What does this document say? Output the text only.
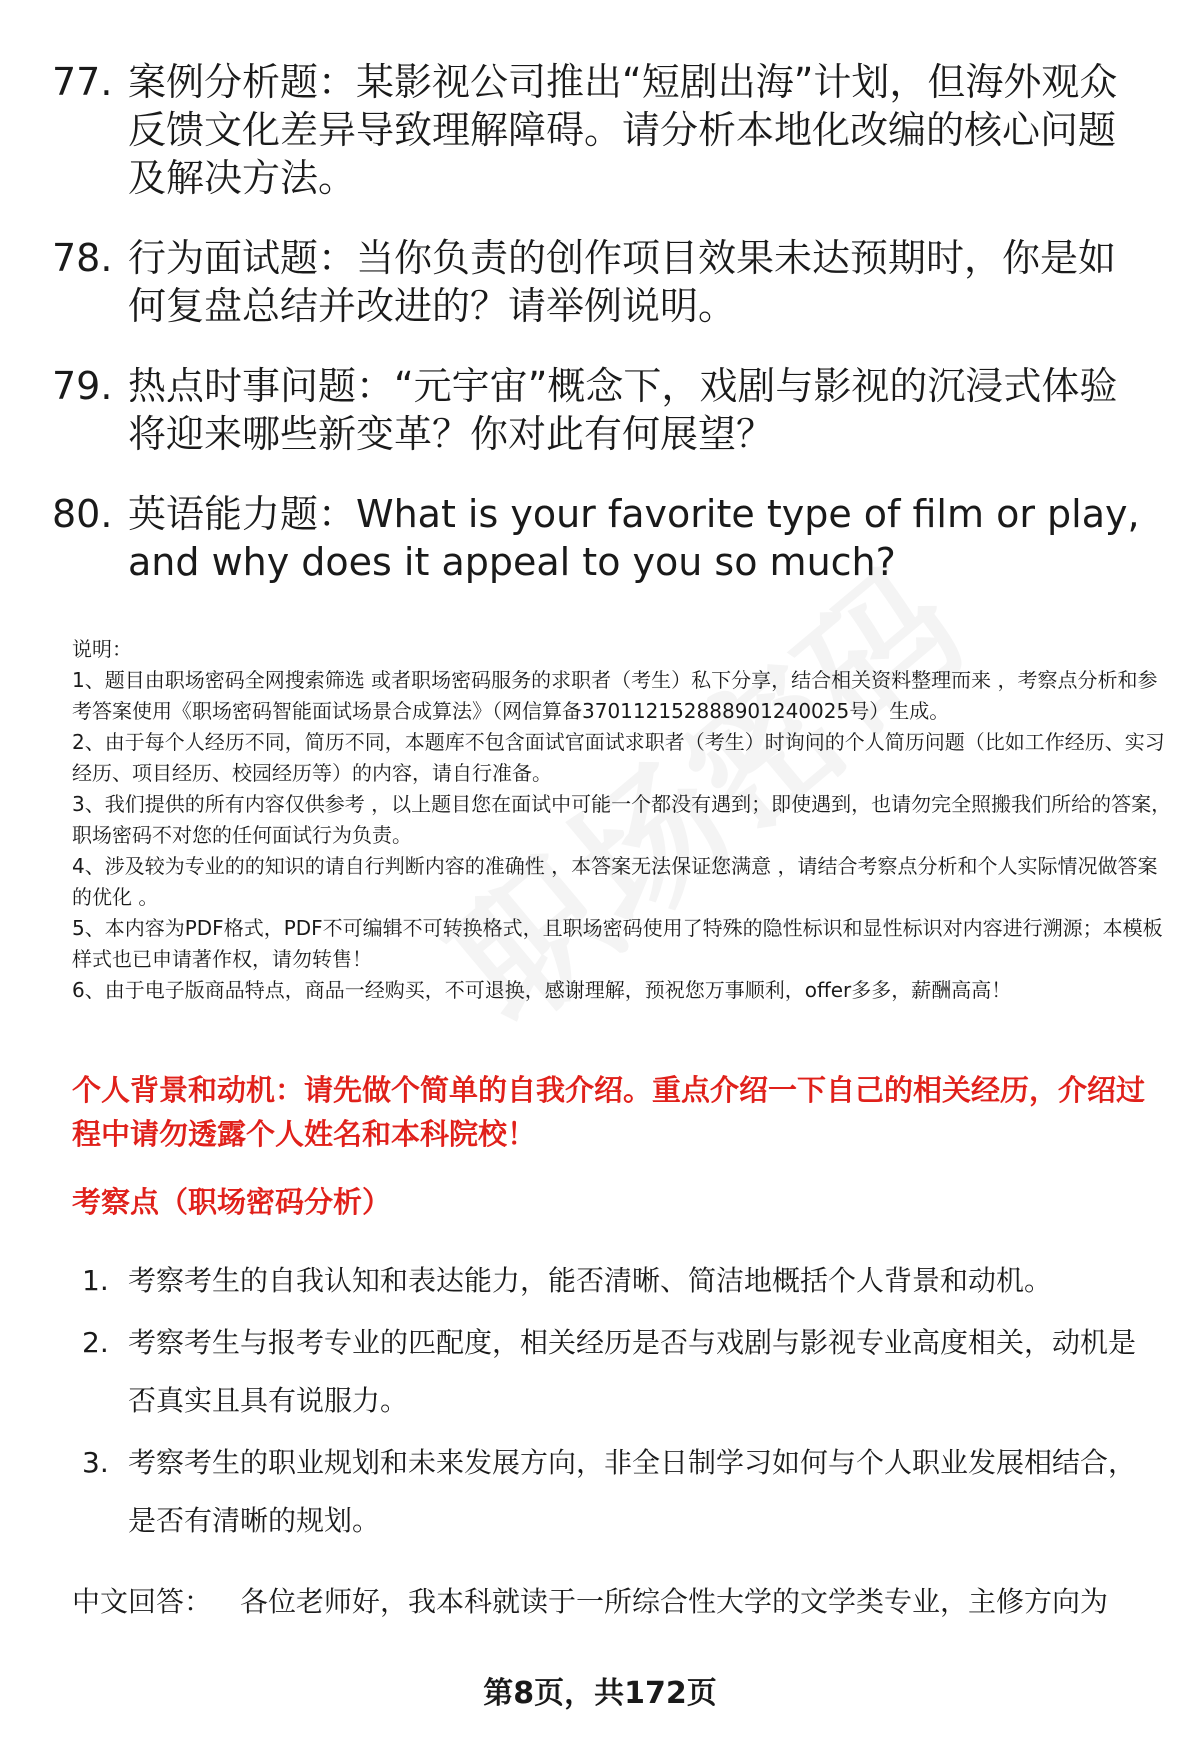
77. 案例分析题：某影视公司推出“短剧出海”计划，但海外观众反馈文化差异导致理解障碍。请分析本地化改编的核心问题及解决方法。
78. 行为面试题：当你负责的创作项目效果未达预期时，你是如何复盘总结并改进的？请举例说明。
79. 热点时事问题：“元宇宙”概念下，戏剧与影视的沉浸式体验将迎来哪些新变革？你对此有何展望？
80. 英语能力题：What is your favorite type of film or play, and why does it appeal to you so much?

说明：

1、题目由职场密码全网搜索筛选 或者职场密码服务的求职者（考生）私下分享，结合相关资料整理而来 ，考察点分析和参考答案使用《职场密码智能面试场景合成算法》（网信算备370112152888901240025号）生成。

2、由于每个人经历不同，简历不同，本题库不包含面试官面试求职者（考生）时询问的个人简历问题（比如工作经历、实习经历、项目经历、校园经历等）的内容，请自行准备。

3、我们提供的所有内容仅供参考 ，以上题目您在面试中可能一个都没有遇到；即使遇到，也请勿完全照搬我们所给的答案，职场密码不对您的任何面试行为负责。

4、涉及较为专业的的知识的请自行判断内容的准确性 ，本答案无法保证您满意 ，请结合考察点分析和个人实际情况做答案的优化 。

5、本内容为PDF格式，PDF不可编辑不可转换格式，且职场密码使用了特殊的隐性标识和显性标识对内容进行溯源；本模板样式也已申请著作权，请勿转售！

6、由于电子版商品特点，商品一经购买，不可退换，感谢理解，预祝您万事顺利，offer多多，薪酬高高！

个人背景和动机：请先做个简单的自我介绍。重点介绍一下自己的相关经历，介绍过程中请勿透露个人姓名和本科院校！
考察点（职场密码分析）
1. 考察考生的自我认知和表达能力，能否清晰、简洁地概括个人背景和动机。
2. 考察考生与报考专业的匹配度，相关经历是否与戏剧与影视专业高度相关，动机是否真实且具有说服力。
3. 考察考生的职业规划和未来发展方向，非全日制学习如何与个人职业发展相结合，是否有清晰的规划。
中文回答： 各位老师好，我本科就读于一所综合性大学的文学类专业，主修方向为
第8页，共172页
